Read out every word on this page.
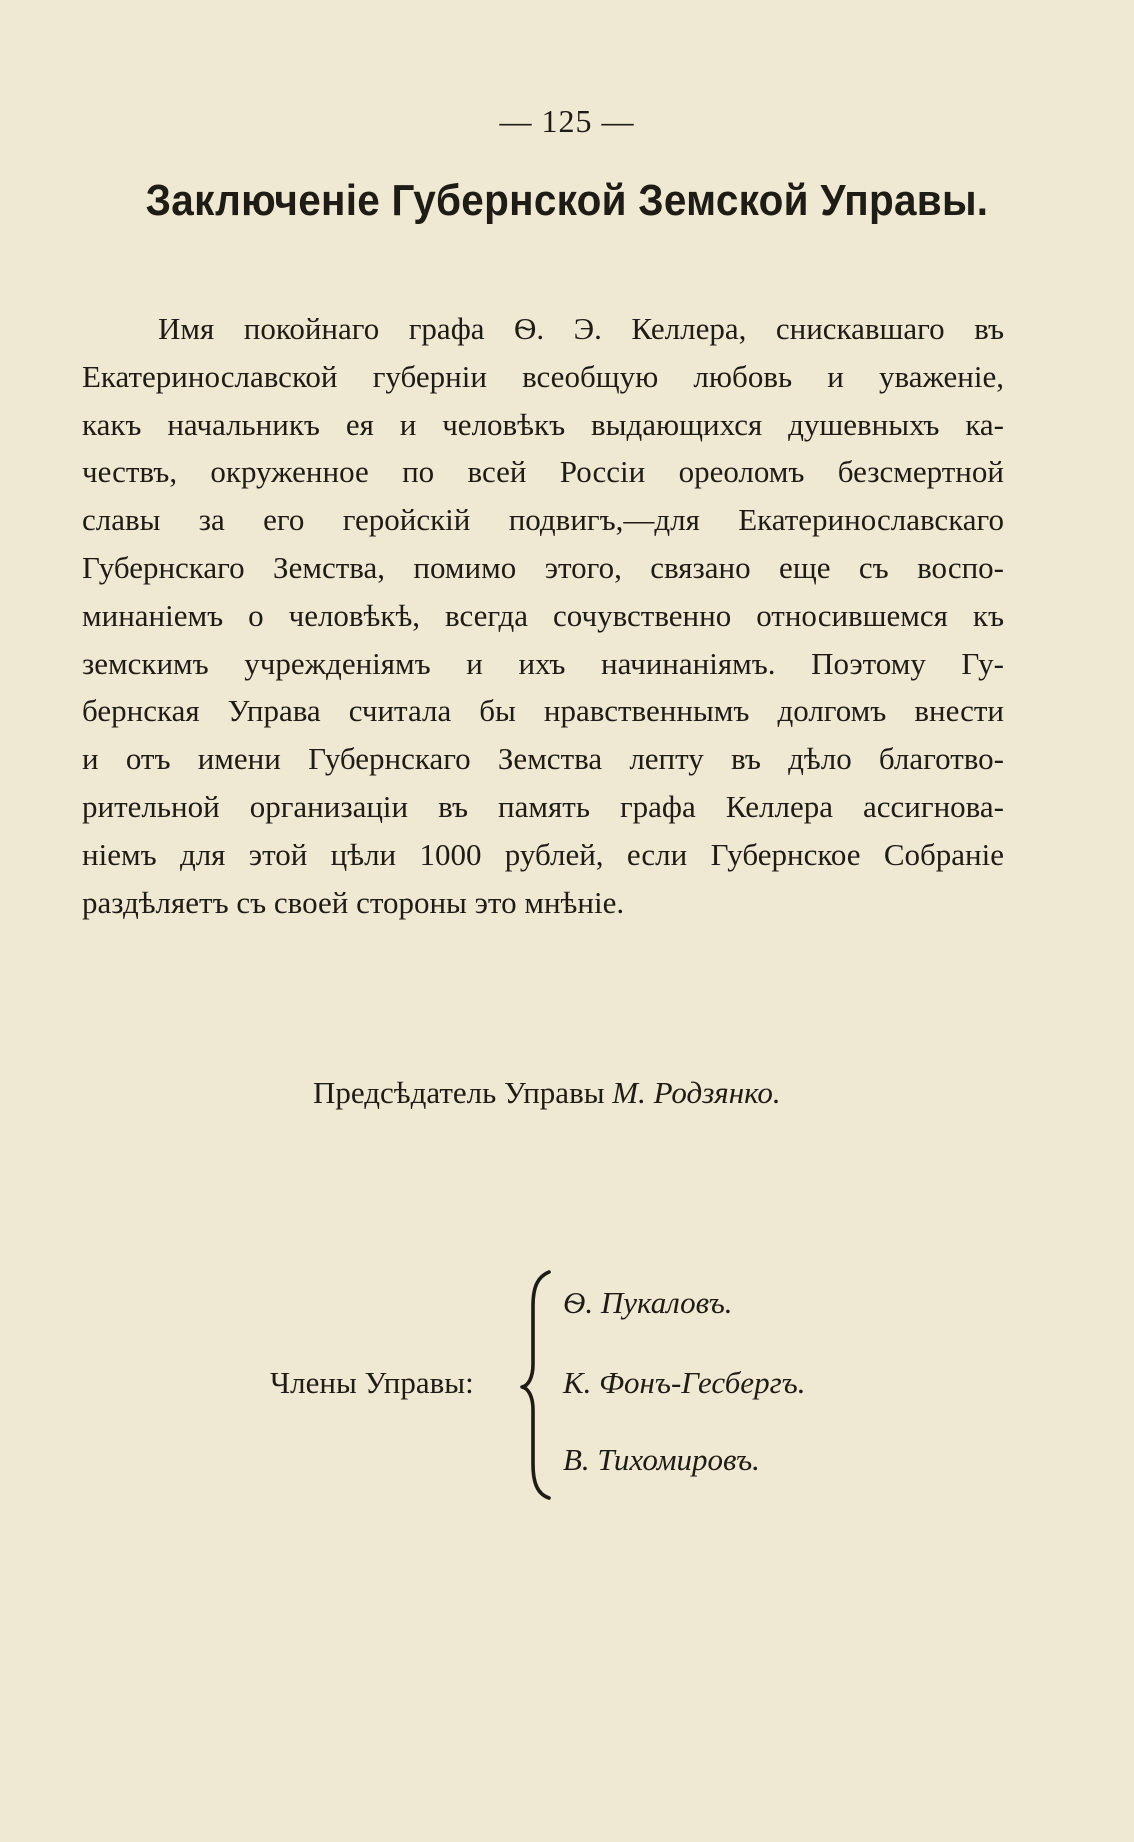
— 125 —
Заключеніе Губернской Земской Управы.
Имя покойнаго графа Ѳ. Э. Келлера, снискавшаго въ
Екатеринославской губерніи всеобщую любовь и уваженіе,
какъ начальникъ ея и человѣкъ выдающихся душевныхъ ка-
чествъ, окруженное по всей Россіи ореоломъ безсмертной
славы за его геройскій подвигъ,—для Екатеринославскаго
Губернскаго Земства, помимо этого, связано еще съ воспо-
минаніемъ о человѣкѣ, всегда сочувственно относившемся къ
земскимъ учрежденіямъ и ихъ начинаніямъ. Поэтому Гу-
бернская Управа считала бы нравственнымъ долгомъ внести
и отъ имени Губернскаго Земства лепту въ дѣло благотво-
рительной организаціи въ память графа Келлера ассигнова-
ніемъ для этой цѣли 1000 рублей, если Губернское Собраніе
раздѣляетъ съ своей стороны это мнѣніе.
Предсѣдатель Управы М. Родзянко.
Члены Управы:
Ѳ. Пукаловъ.
К. Фонъ-Гесбергъ.
В. Тихомировъ.
